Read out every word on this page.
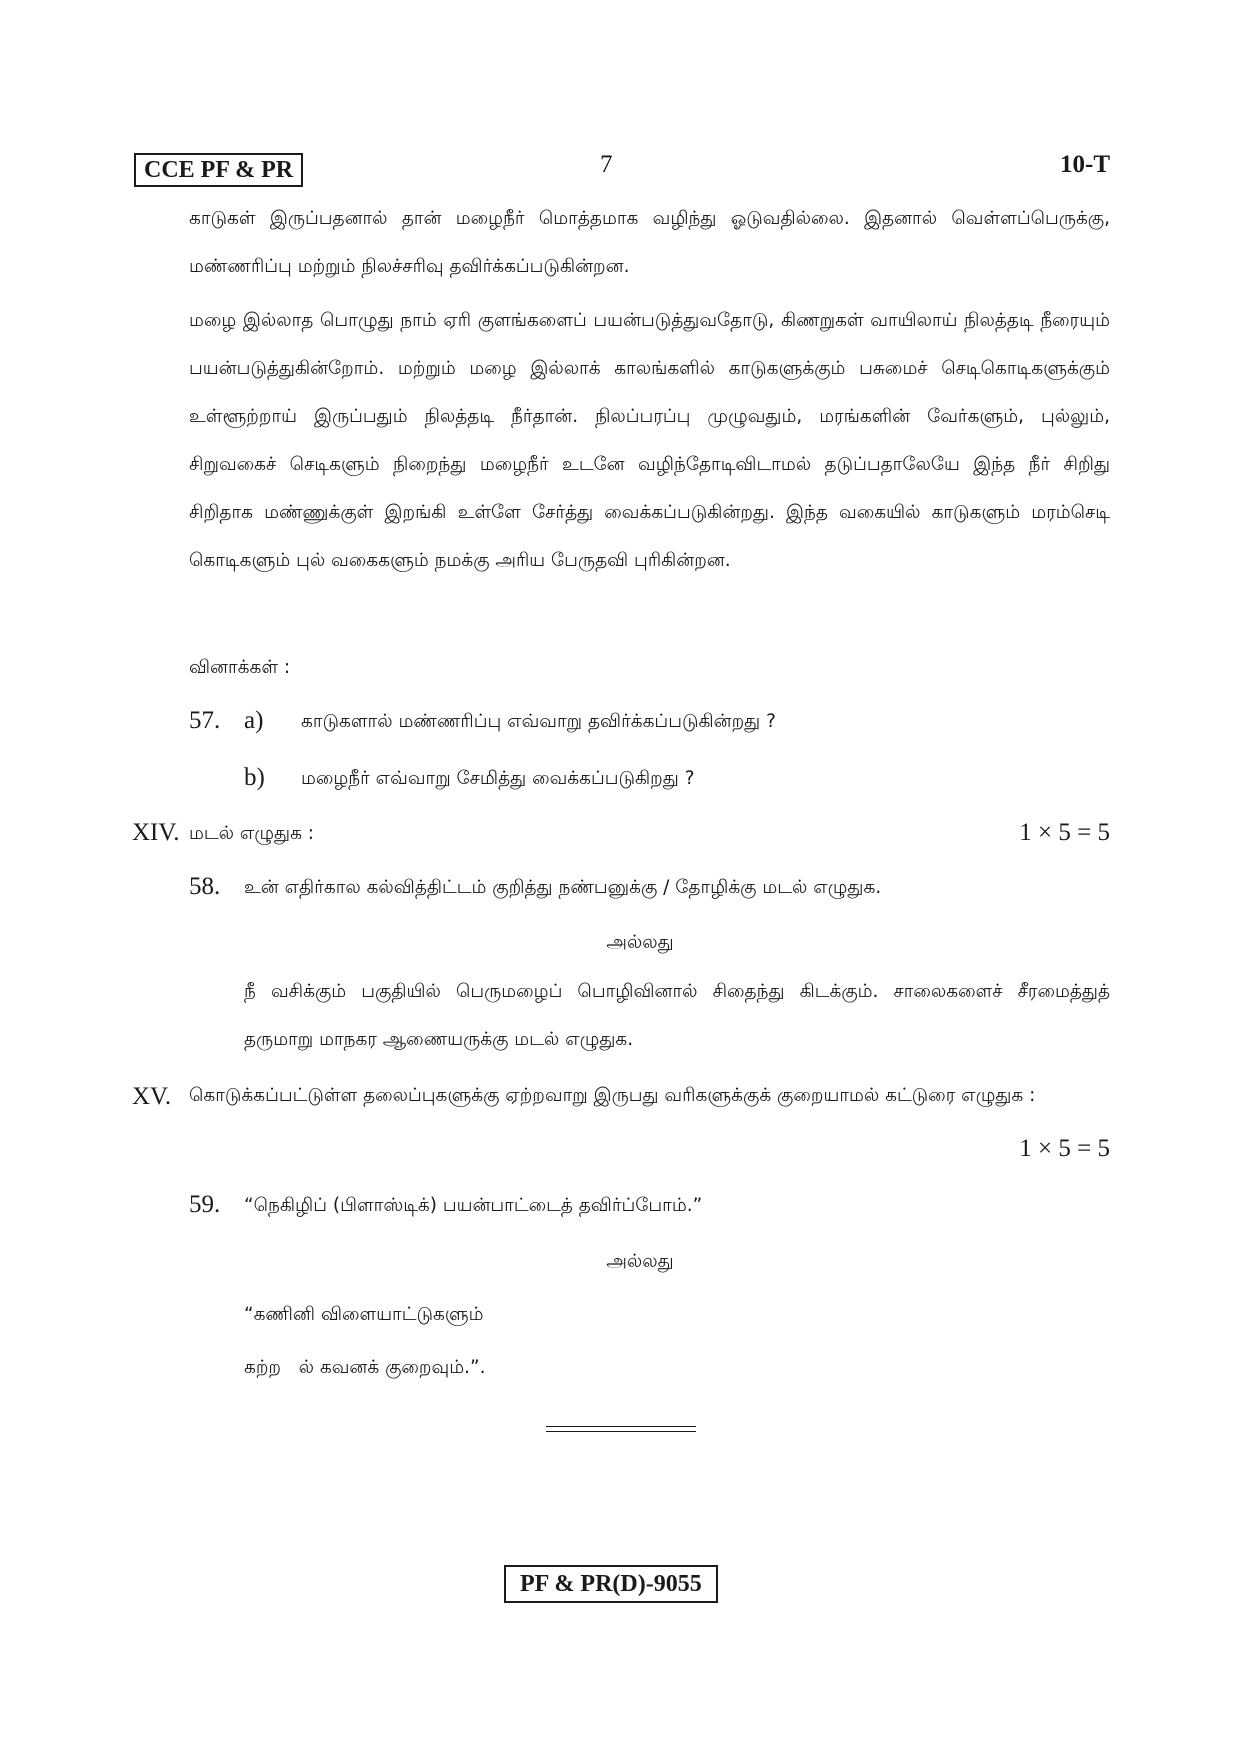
CCE PF & PR	7	10-T

காடுகள் இருப்பதனால் தான் மழைநீர் மொத்தமாக வழிந்து ஓடுவதில்லை. இதனால் வெள்ளப்பெருக்கு, மண்ணரிப்பு மற்றும் நிலச்சரிவு தவிர்க்கப்படுகின்றன.

மழை இல்லாத பொழுது நாம் ஏரி குளங்களைப் பயன்படுத்துவதோடு, கிணறுகள் வாயிலாய் நிலத்தடி நீரையும் பயன்படுத்துகின்றோம். மற்றும் மழை இல்லாக் காலங்களில் காடுகளுக்கும் பசுமைச் செடிகொடிகளுக்கும் உள்ளூற்றாய் இருப்பதும் நிலத்தடி நீர்தான். நிலப்பரப்பு முழுவதும், மரங்களின் வேர்களும், புல்லும், சிறுவகைச் செடிகளும் நிறைந்து மழைநீர் உடனே வழிந்தோடிவிடாமல் தடுப்பதாலேயே இந்த நீர் சிறிது சிறிதாக மண்ணுக்குள் இறங்கி உள்ளே சேர்த்து வைக்கப்படுகின்றது. இந்த வகையில் காடுகளும் மரம்செடி கொடிகளும் புல் வகைகளும் நமக்கு அரிய பேருதவி புரிகின்றன.

வினாக்கள் :
57. a) காடுகளால் மண்ணரிப்பு எவ்வாறு தவிர்க்கப்படுகின்றது ?
b) மழைநீர் எவ்வாறு சேமித்து வைக்கப்படுகிறது ?
XIV. மடல் எழுதுக :	1 × 5 = 5
58. உன் எதிர்கால கல்வித்திட்டம் குறித்து நண்பனுக்கு / தோழிக்கு மடல் எழுதுக.
அல்லது

நீ வசிக்கும் பகுதியில் பெருமழைப் பொழிவினால் சிதைந்து கிடக்கும். சாலைகளைச் சீரமைத்துத் தருமாறு மாநகர ஆணையருக்கு மடல் எழுதுக.

XV. கொடுக்கப்பட்டுள்ள தலைப்புகளுக்கு ஏற்றவாறு இருபது வரிகளுக்குக் குறையாமல் கட்டுரை எழுதுக :

1 × 5 = 5
59. “நெகிழிப் (பிளாஸ்டிக்) பயன்பாட்டைத் தவிர்ப்போம்.”
அல்லது
“கணினி விளையாட்டுகளும்
கற்ற   ல் கவனக் குறைவும்.”.
PF & PR(D)-9055
